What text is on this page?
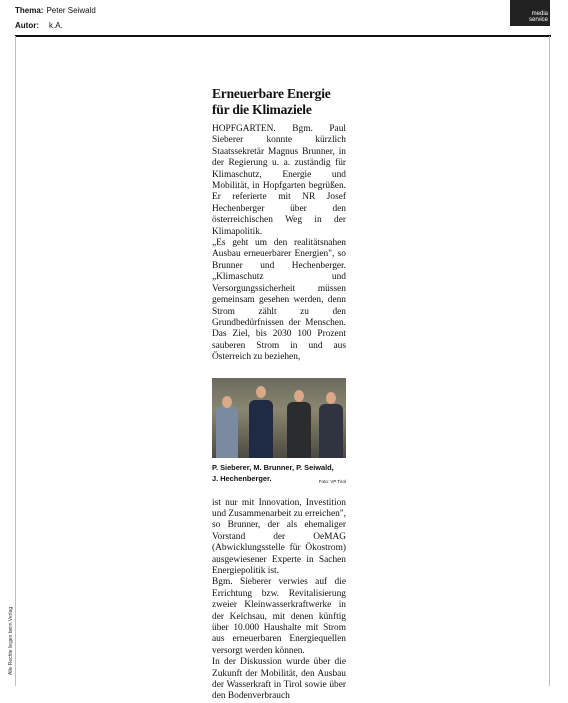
Thema: Peter Seiwald
Autor: k.A.
media
service
Alle Rechte liegen beim Verlag
Erneuerbare Energie
für die Klimaziele

HOPFGARTEN. Bgm. Paul Sieberer konnte kürzlich Staatssekretär Magnus Brunner, in der Regierung u. a. zuständig für Klimaschutz, Energie und Mobilität, in Hopfgarten begrüßen. Er referierte mit NR Josef Hechenberger über den österreichischen Weg in der Klimapolitik.

„Es geht um den realitätsnahen Ausbau erneuerbarer Energien", so Brunner und Hechenberger. „Klimaschutz und Versorgungssicherheit müssen gemeinsam gesehen werden, denn Strom zählt zu den Grundbedürfnissen der Menschen. Das Ziel, bis 2030 100 Prozent sauberen Strom in und aus Österreich zu beziehen,

P. Sieberer, M. Brunner, P. Seiwald,
J. Hechenberger.	Foto: VP Tirol

ist nur mit Innovation, Investition und Zusammenarbeit zu erreichen", so Brunner, der als ehemaliger Vorstand der OeMAG (Abwicklungsstelle für Ökostrom) ausgewiesener Experte in Sachen Energiepolitik ist.

Bgm. Sieberer verwies auf die Errichtung bzw. Revitalisierung zweier Kleinwasserkraftwerke in der Kelchsau, mit denen künftig über 10.000 Haushalte mit Strom aus erneuerbaren Energiequellen versorgt werden können.

In der Diskussion wurde über die Zukunft der Mobilität, den Ausbau der Wasserkraft in Tirol sowie über den Bodenverbrauch
